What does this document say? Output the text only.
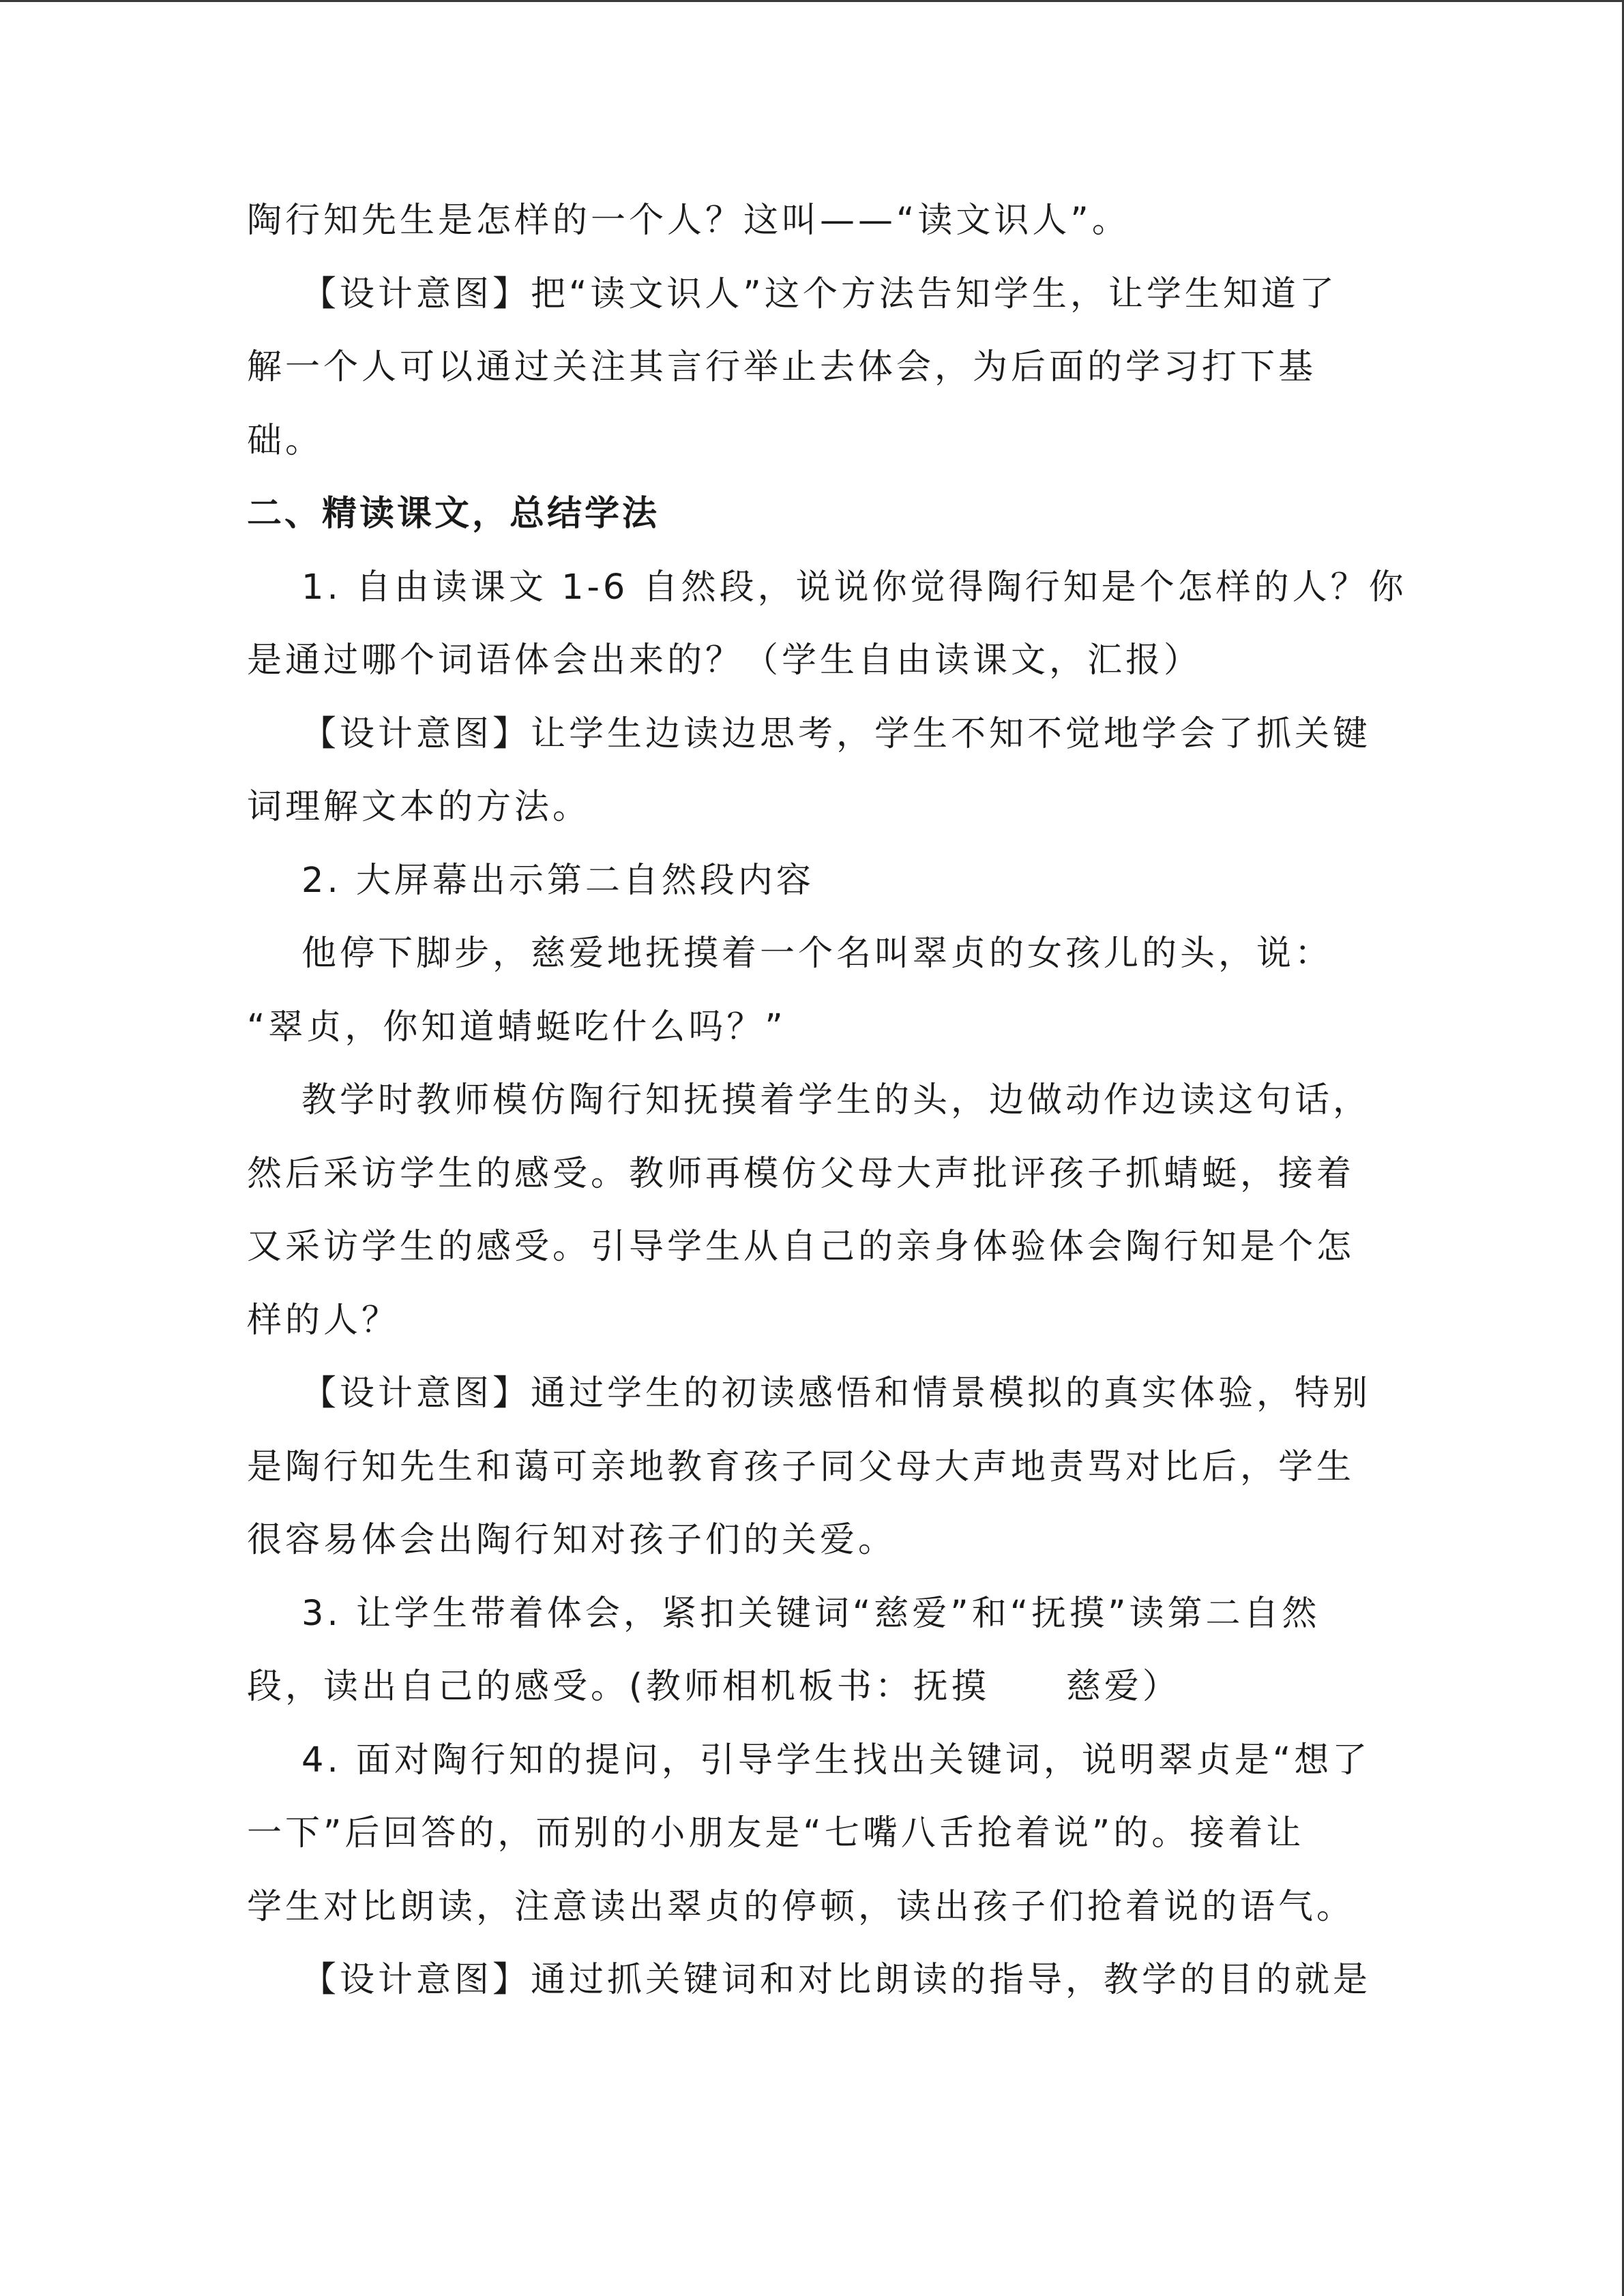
陶行知先生是怎样的一个人？这叫——“读文识人”。
【设计意图】把“读文识人”这个方法告知学生，让学生知道了
解一个人可以通过关注其言行举止去体会，为后面的学习打下基
础。
二、精读课文，总结学法
1. 自由读课文 1-6 自然段，说说你觉得陶行知是个怎样的人？你
是通过哪个词语体会出来的？（学生自由读课文，汇报）
【设计意图】让学生边读边思考，学生不知不觉地学会了抓关键
词理解文本的方法。
2. 大屏幕出示第二自然段内容
他停下脚步，慈爱地抚摸着一个名叫翠贞的女孩儿的头，说：
“翠贞，你知道蜻蜓吃什么吗？”
教学时教师模仿陶行知抚摸着学生的头，边做动作边读这句话，
然后采访学生的感受。教师再模仿父母大声批评孩子抓蜻蜓，接着
又采访学生的感受。引导学生从自己的亲身体验体会陶行知是个怎
样的人？
【设计意图】通过学生的初读感悟和情景模拟的真实体验，特别
是陶行知先生和蔼可亲地教育孩子同父母大声地责骂对比后，学生
很容易体会出陶行知对孩子们的关爱。
3. 让学生带着体会，紧扣关键词“慈爱”和“抚摸”读第二自然
段，读出自己的感受。(教师相机板书：抚摸　　慈爱）
4. 面对陶行知的提问，引导学生找出关键词，说明翠贞是“想了
一下”后回答的，而别的小朋友是“七嘴八舌抢着说”的。接着让
学生对比朗读，注意读出翠贞的停顿，读出孩子们抢着说的语气。
【设计意图】通过抓关键词和对比朗读的指导，教学的目的就是
